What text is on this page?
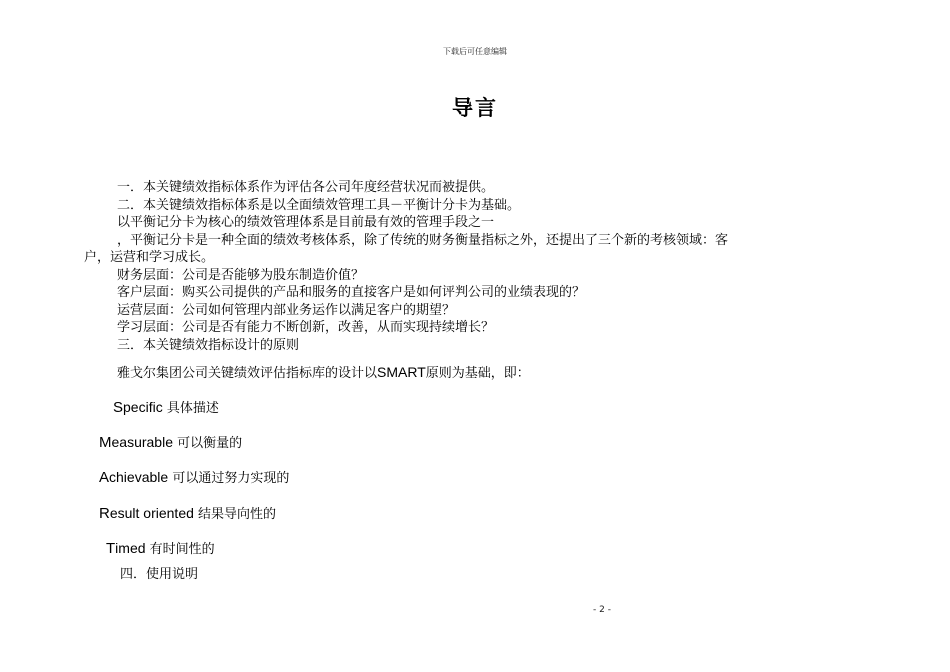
下载后可任意编辑
导言
一．本关键绩效指标体系作为评估各公司年度经营状况而被提供。
二．本关键绩效指标体系是以全面绩效管理工具－平衡计分卡为基础。
以平衡记分卡为核心的绩效管理体系是目前最有效的管理手段之一
，平衡记分卡是一种全面的绩效考核体系，除了传统的财务衡量指标之外，还提出了三个新的考核领域：客
户，运营和学习成长。
财务层面：公司是否能够为股东制造价值？
客户层面：购买公司提供的产品和服务的直接客户是如何评判公司的业绩表现的？
运营层面：公司如何管理内部业务运作以满足客户的期望？
学习层面：公司是否有能力不断创新，改善，从而实现持续增长？
三．本关键绩效指标设计的原则
雅戈尔集团公司关键绩效评估指标库的设计以SMART原则为基础，即：
Specific 具体描述
Measurable 可以衡量的
Achievable 可以通过努力实现的
Result oriented 结果导向性的
Timed 有时间性的
四．使用说明
- 2 -
